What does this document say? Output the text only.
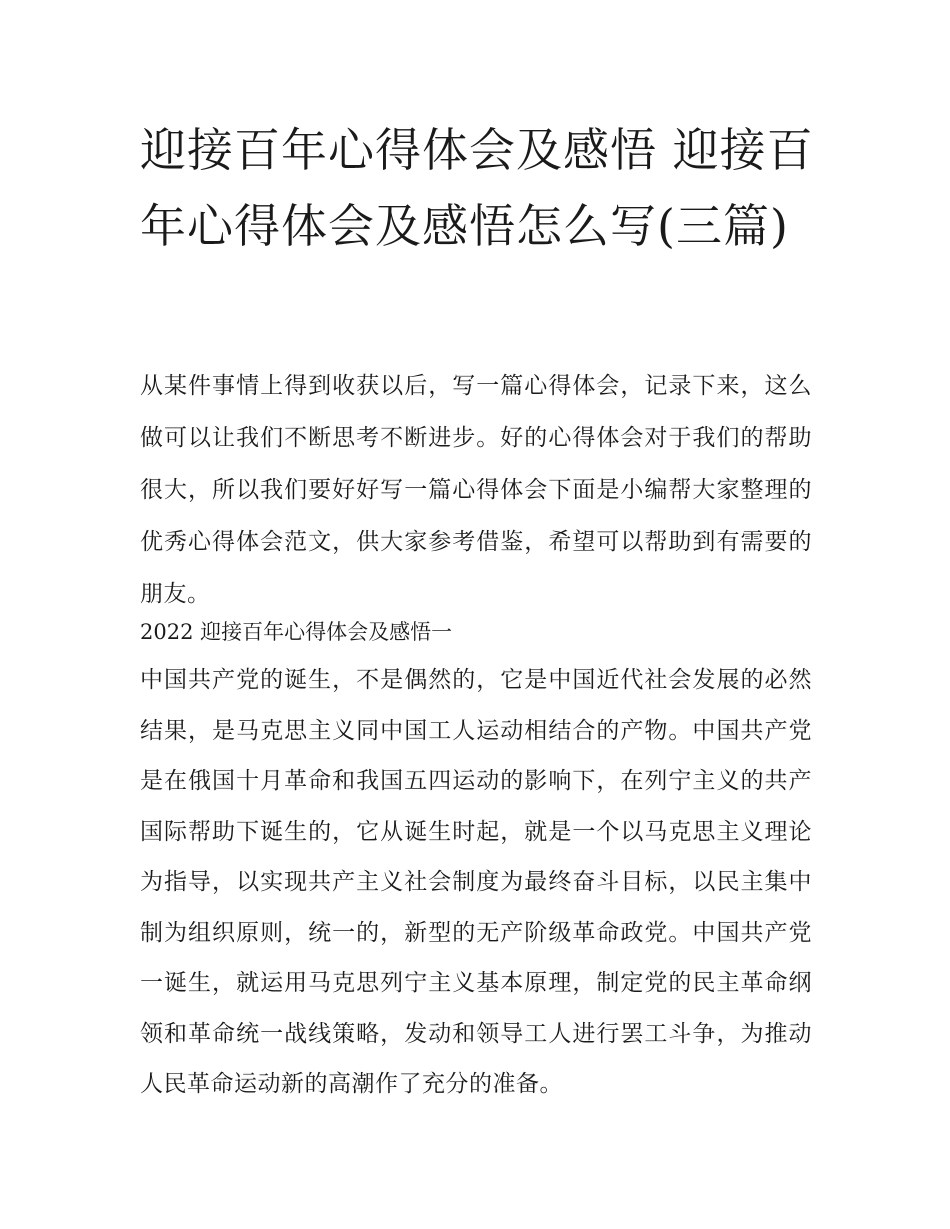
迎接百年心得体会及感悟 迎接百年心得体会及感悟怎么写(三篇)

从某件事情上得到收获以后，写一篇心得体会，记录下来，这么做可以让我们不断思考不断进步。好的心得体会对于我们的帮助很大，所以我们要好好写一篇心得体会下面是小编帮大家整理的优秀心得体会范文，供大家参考借鉴，希望可以帮助到有需要的朋友。

2022 迎接百年心得体会及感悟一

中国共产党的诞生，不是偶然的，它是中国近代社会发展的必然结果，是马克思主义同中国工人运动相结合的产物。中国共产党是在俄国十月革命和我国五四运动的影响下，在列宁主义的共产国际帮助下诞生的，它从诞生时起，就是一个以马克思主义理论为指导，以实现共产主义社会制度为最终奋斗目标，以民主集中制为组织原则，统一的，新型的无产阶级革命政党。中国共产党一诞生，就运用马克思列宁主义基本原理，制定党的民主革命纲领和革命统一战线策略，发动和领导工人进行罢工斗争，为推动人民革命运动新的高潮作了充分的准备。
